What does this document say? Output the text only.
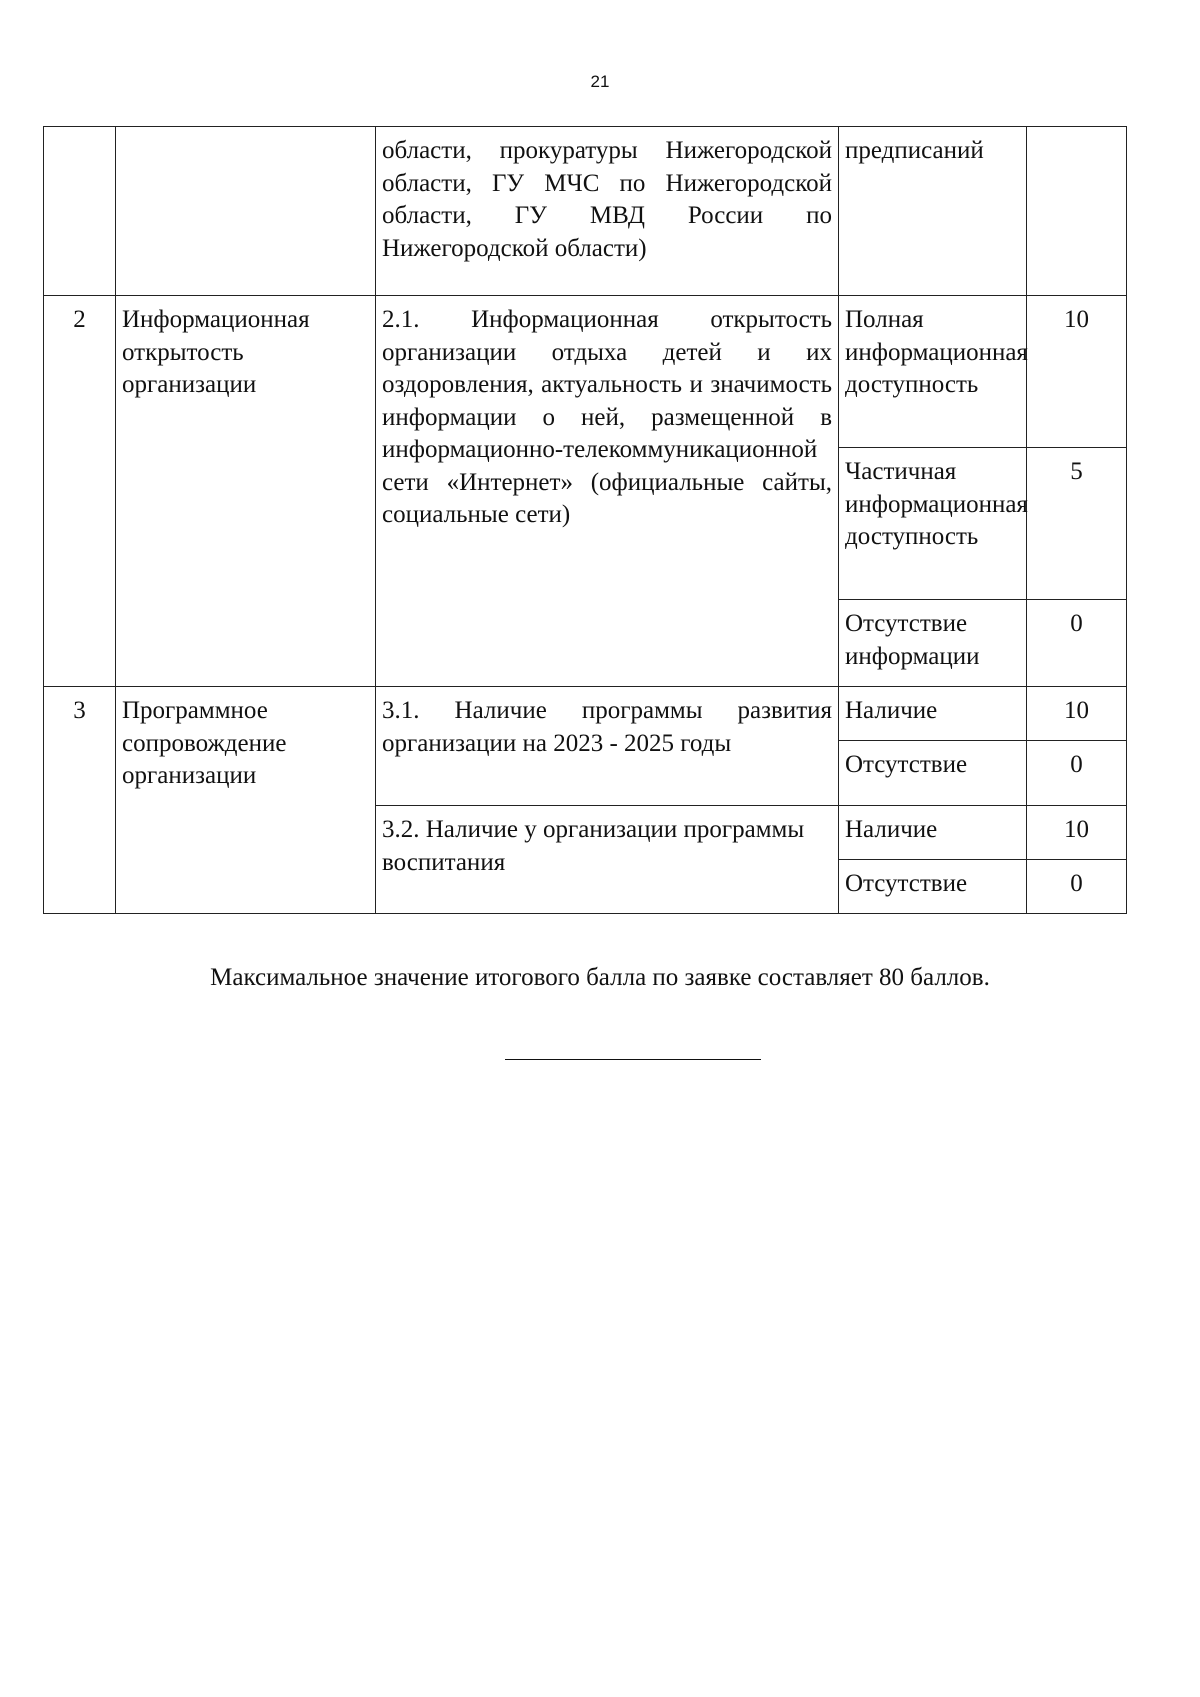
21
		области, прокуратуры Нижегородской области, ГУ МЧС по Нижегородской области, ГУ МВД России по Нижегородской области)	предписаний	
2	Информационная открытость организации	2.1. Информационная открытость организации отдыха детей и их оздоровления, актуальность и значимость информации о ней, размещенной в информационно-телекоммуникационной сети «Интернет» (официальные сайты, социальные сети)	Полная информационная доступность	10
			Частичная информационная доступность	5
			Отсутствие информации	0
3	Программное сопровождение организации	3.1. Наличие программы развития организации на 2023 - 2025 годы	Наличие	10
			Отсутствие	0
		3.2. Наличие у организации программы воспитания	Наличие	10
			Отсутствие	0
Максимальное значение итогового балла по заявке составляет 80 баллов.
